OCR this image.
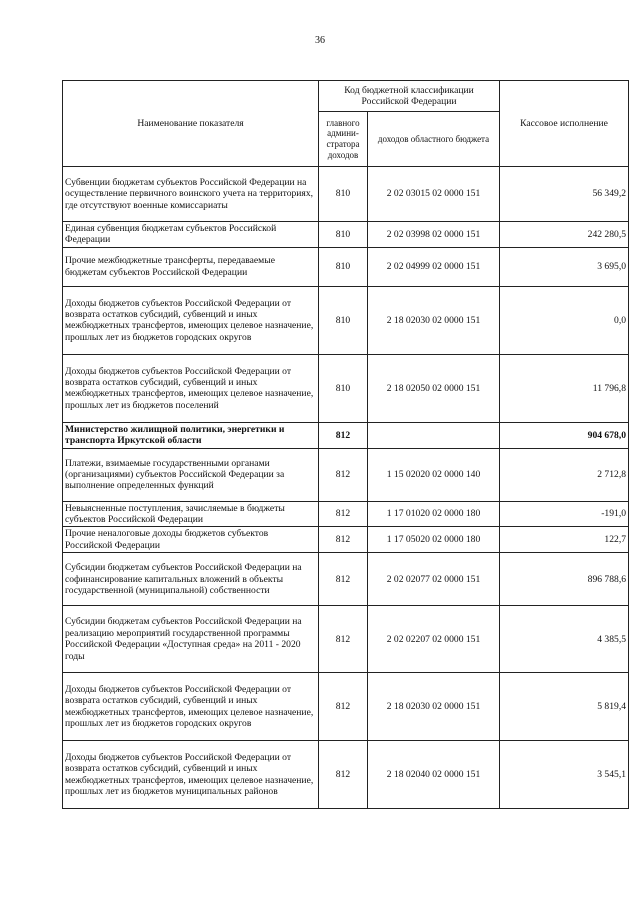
36
Наименование показателя	Код бюджетной классификации Российской Федерации		Кассовое исполнение
	главного админи-стратора доходов	доходов областного бюджета	
Субвенции бюджетам субъектов Российской Федерации на осуществление первичного воинского учета на территориях, где отсутствуют военные комиссариаты	810	2 02 03015 02 0000 151	56 349,2
Единая субвенция бюджетам субъектов Российской Федерации	810	2 02 03998 02 0000 151	242 280,5
Прочие межбюджетные трансферты, передаваемые бюджетам субъектов Российской Федерации	810	2 02 04999 02 0000 151	3 695,0
Доходы бюджетов субъектов Российской Федерации от возврата остатков субсидий, субвенций и иных межбюджетных трансфертов, имеющих целевое назначение, прошлых лет из бюджетов городских округов	810	2 18 02030 02 0000 151	0,0
Доходы бюджетов субъектов Российской Федерации от возврата остатков субсидий, субвенций и иных межбюджетных трансфертов, имеющих целевое назначение, прошлых лет из бюджетов поселений	810	2 18 02050 02 0000 151	11 796,8
Министерство жилищной политики, энергетики и транспорта Иркутской области	812		904 678,0
Платежи, взимаемые государственными органами (организациями) субъектов Российской Федерации за выполнение определенных функций	812	1 15 02020 02 0000 140	2 712,8
Невыясненные поступления, зачисляемые в бюджеты субъектов Российской Федерации	812	1 17 01020 02 0000 180	-191,0
Прочие неналоговые доходы бюджетов субъектов Российской Федерации	812	1 17 05020 02 0000 180	122,7
Субсидии бюджетам субъектов Российской Федерации на софинансирование капитальных вложений в объекты государственной (муниципальной) собственности	812	2 02 02077 02 0000 151	896 788,6
Субсидии бюджетам субъектов Российской Федерации на реализацию мероприятий государственной программы Российской Федерации «Доступная среда» на 2011 - 2020 годы	812	2 02 02207 02 0000 151	4 385,5
Доходы бюджетов субъектов Российской Федерации от возврата остатков субсидий, субвенций и иных межбюджетных трансфертов, имеющих целевое назначение, прошлых лет из бюджетов городских округов	812	2 18 02030 02 0000 151	5 819,4
Доходы бюджетов субъектов Российской Федерации от возврата остатков субсидий, субвенций и иных межбюджетных трансфертов, имеющих целевое назначение, прошлых лет из бюджетов муниципальных районов	812	2 18 02040 02 0000 151	3 545,1
